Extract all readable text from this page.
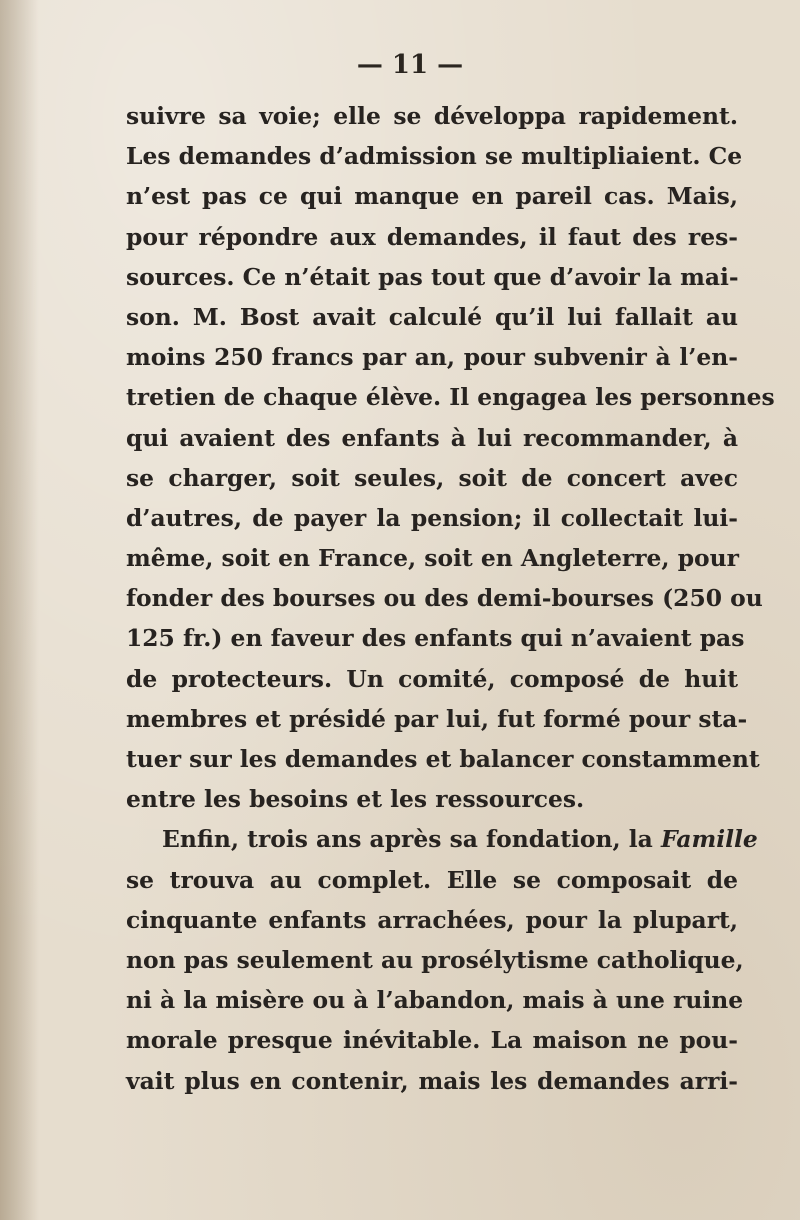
— 11 —
suivre sa voie; elle se développa rapidement.
Les demandes d’admission se multipliaient. Ce
n’est pas ce qui manque en pareil cas. Mais,
pour répondre aux demandes, il faut des res-
sources. Ce n’était pas tout que d’avoir la mai-
son. M. Bost avait calculé qu’il lui fallait au
moins 250 francs par an, pour subvenir à l’en-
tretien de chaque élève. Il engagea les personnes
qui avaient des enfants à lui recommander, à
se charger, soit seules, soit de concert avec
d’autres, de payer la pension; il collectait lui-
même, soit en France, soit en Angleterre, pour
fonder des bourses ou des demi-bourses (250 ou
125 fr.) en faveur des enfants qui n’avaient pas
de protecteurs. Un comité, composé de huit
membres et présidé par lui, fut formé pour sta-
tuer sur les demandes et balancer constamment
entre les besoins et les ressources.
Enfin, trois ans après sa fondation, la Famille
se trouva au complet. Elle se composait de
cinquante enfants arrachées, pour la plupart,
non pas seulement au prosélytisme catholique,
ni à la misère ou à l’abandon, mais à une ruine
morale presque inévitable. La maison ne pou-
vait plus en contenir, mais les demandes arri-
